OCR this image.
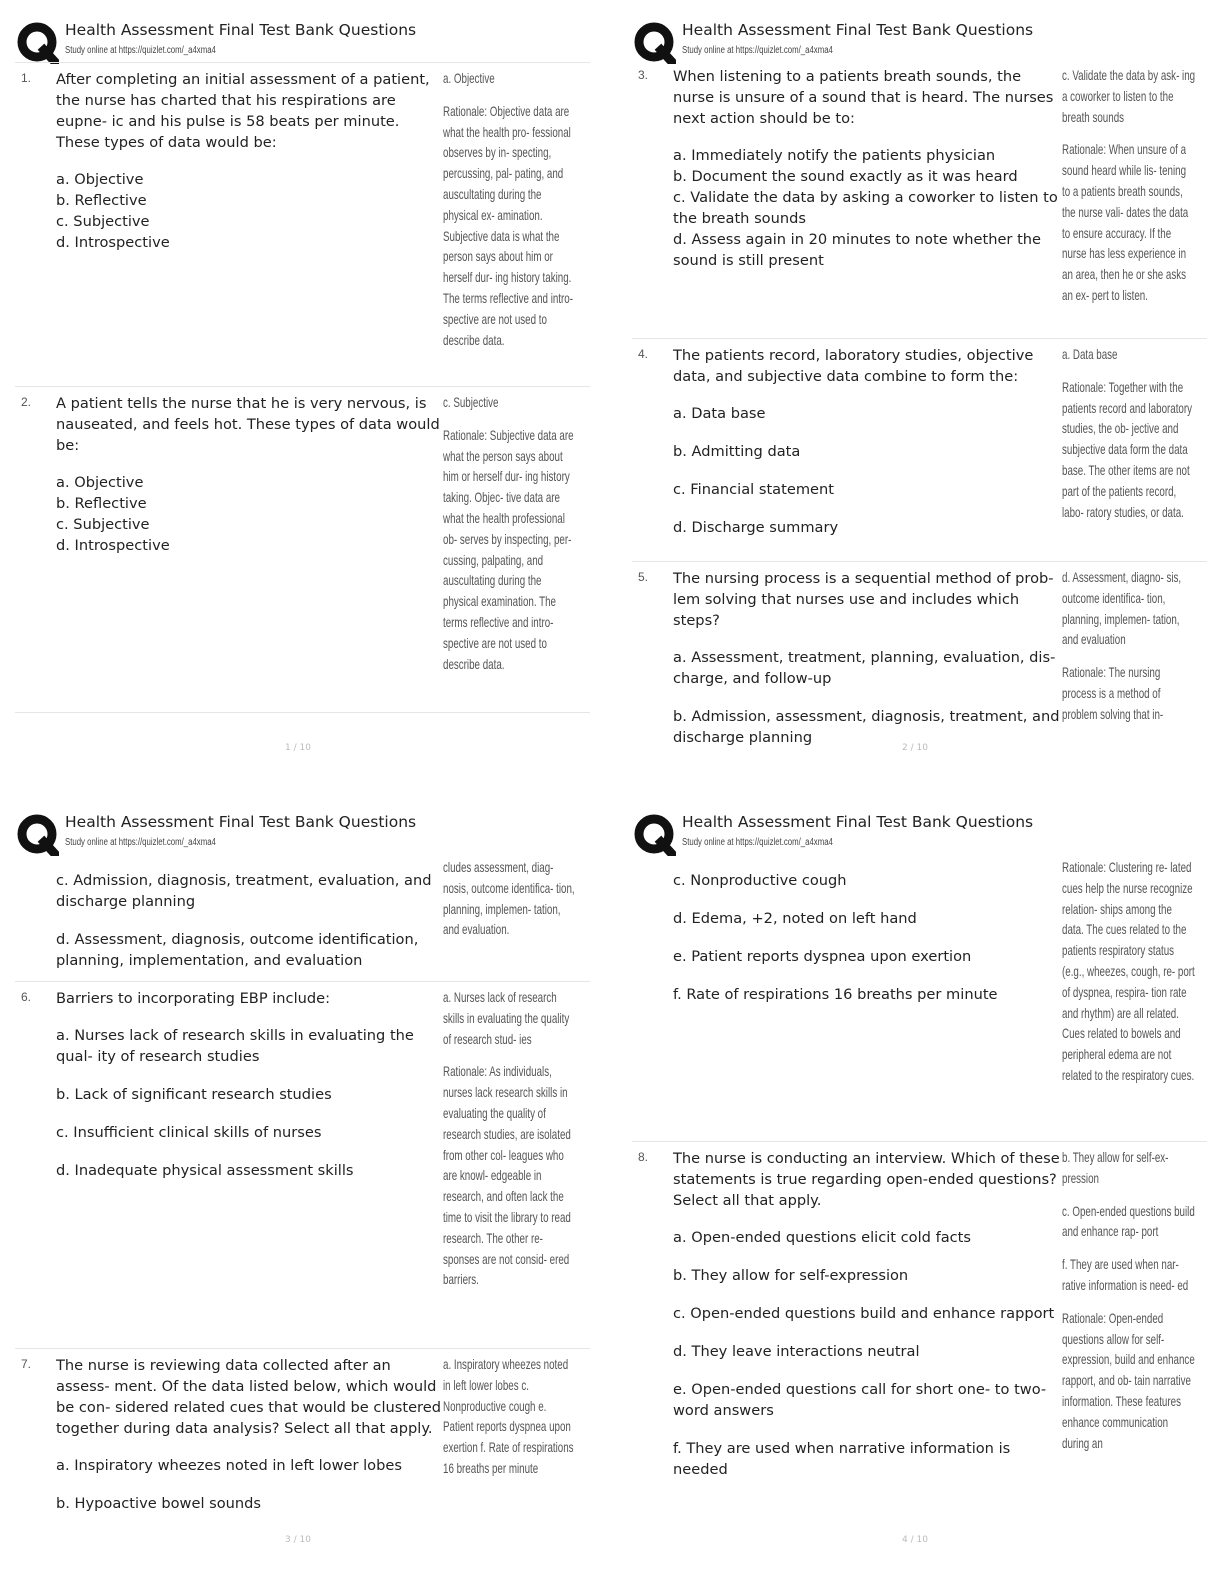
Health Assessment Final Test Bank Questions
Study online at https://quizlet.com/_a4xma4
1. After completing an initial assessment of a patient, the nurse has charted that his respirations are eupne- ic and his pulse is 58 beats per minute. These types of data would be:

a. Objective

b. Reflective

c. Subjective

d. Introspective

a. Objective
Rationale: Objective data are what the health pro- fessional observes by in- specting, percussing, pal- pating, and auscultating during the physical ex- amination. Subjective data is what the person says about him or herself dur- ing history taking. The terms reflective and intro- spective are not used to describe data.
2. A patient tells the nurse that he is very nervous, is nauseated, and feels hot. These types of data would be:

a. Objective

b. Reflective

c. Subjective

d. Introspective

c. Subjective
Rationale: Subjective data are what the person says about him or herself dur- ing history taking. Objec- tive data are what the health professional ob- serves by inspecting, per- cussing, palpating, and auscultating during the physical examination. The terms reflective and intro- spective are not used to describe data.
1 / 10
Health Assessment Final Test Bank Questions
Study online at https://quizlet.com/_a4xma4
3. When listening to a patients breath sounds, the nurse is unsure of a sound that is heard. The nurses next action should be to:

a. Immediately notify the patients physician

b. Document the sound exactly as it was heard

c. Validate the data by asking a coworker to listen to the breath sounds

d. Assess again in 20 minutes to note whether the sound is still present

c. Validate the data by ask- ing a coworker to listen to the breath sounds
Rationale: When unsure of a sound heard while lis- tening to a patients breath sounds, the nurse vali- dates the data to ensure accuracy. If the nurse has less experience in an area, then he or she asks an ex- pert to listen.
4. The patients record, laboratory studies, objective data, and subjective data combine to form the:

a. Data base

b. Admitting data

c. Financial statement

d. Discharge summary

a. Data base
Rationale: Together with the patients record and laboratory studies, the ob- jective and subjective data form the data base. The other items are not part of the patients record, labo- ratory studies, or data.
5. The nursing process is a sequential method of prob- lem solving that nurses use and includes which steps?

a. Assessment, treatment, planning, evaluation, dis- charge, and follow-up

b. Admission, assessment, diagnosis, treatment, and discharge planning

d. Assessment, diagno- sis, outcome identifica- tion, planning, implemen- tation, and evaluation
Rationale: The nursing process is a method of problem solving that in-
2 / 10
Health Assessment Final Test Bank Questions
Study online at https://quizlet.com/_a4xma4

c. Admission, diagnosis, treatment, evaluation, and discharge planning

d. Assessment, diagnosis, outcome identification, planning, implementation, and evaluation

cludes assessment, diag- nosis, outcome identifica- tion, planning, implemen- tation, and evaluation.
6. Barriers to incorporating EBP include:

a. Nurses lack of research skills in evaluating the qual- ity of research studies

b. Lack of significant research studies

c. Insufficient clinical skills of nurses

d. Inadequate physical assessment skills

a. Nurses lack of research skills in evaluating the quality of research stud- ies
Rationale: As individuals, nurses lack research skills in evaluating the quality of research studies, are isolated from other col- leagues who are knowl- edgeable in research, and often lack the time to visit the library to read research. The other re- sponses are not consid- ered barriers.
7. The nurse is reviewing data collected after an assess- ment. Of the data listed below, which would be con- sidered related cues that would be clustered together during data analysis? Select all that apply.

a. Inspiratory wheezes noted in left lower lobes

b. Hypoactive bowel sounds

a. Inspiratory wheezes noted in left lower lobes c. Nonproductive cough e. Patient reports dyspnea upon exertion f. Rate of respirations 16 breaths per minute
3 / 10
Health Assessment Final Test Bank Questions
Study online at https://quizlet.com/_a4xma4

c. Nonproductive cough

d. Edema, +2, noted on left hand

e. Patient reports dyspnea upon exertion

f. Rate of respirations 16 breaths per minute

Rationale: Clustering re- lated cues help the nurse recognize relation- ships among the data. The cues related to the patients respiratory status (e.g., wheezes, cough, re- port of dyspnea, respira- tion rate and rhythm) are all related. Cues related to bowels and peripheral edema are not related to the respiratory cues.
8. The nurse is conducting an interview. Which of these statements is true regarding open-ended questions? Select all that apply.

a. Open-ended questions elicit cold facts

b. They allow for self-expression

c. Open-ended questions build and enhance rapport

d. They leave interactions neutral

e. Open-ended questions call for short one- to two-word answers

f. They are used when narrative information is needed

b. They allow for self-ex- pression
c. Open-ended questions build and enhance rap- port
f. They are used when nar- rative information is need- ed
Rationale: Open-ended questions allow for self-expression, build and enhance rapport, and ob- tain narrative information. These features enhance communication during an
4 / 10
